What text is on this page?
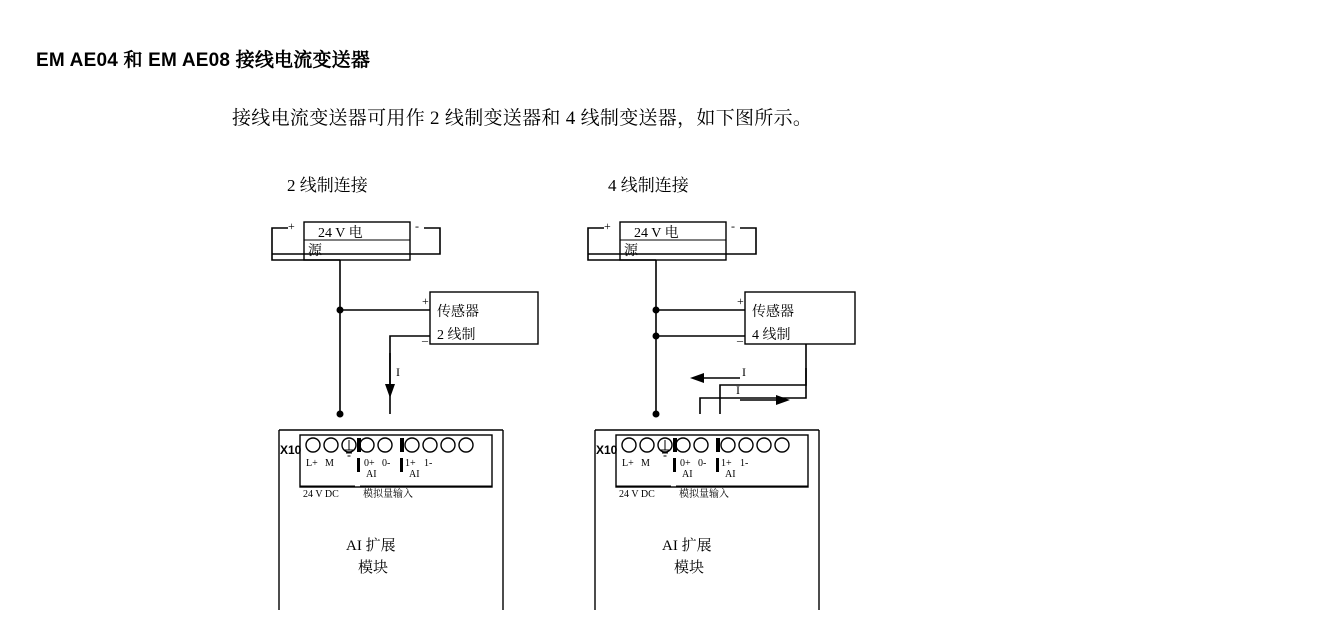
EM AE04 和 EM AE08 接线电流变送器
接线电流变送器可用作 2 线制变送器和 4 线制变送器，如下图所示。
2 线制连接
+	-
24 V 电
源
+
_
传感器
2 线制
I
X10
L+ M	0+ 0- 1+ 1-
AI	AI
24 V DC 模拟量输入
AI 扩展
模块
4 线制连接
+	-
24 V 电
源
+
_
传感器
4 线制
I
I
X10
L+ M	0+ 0- 1+ 1-
AI	AI
24 V DC 模拟量输入
AI 扩展
模块
